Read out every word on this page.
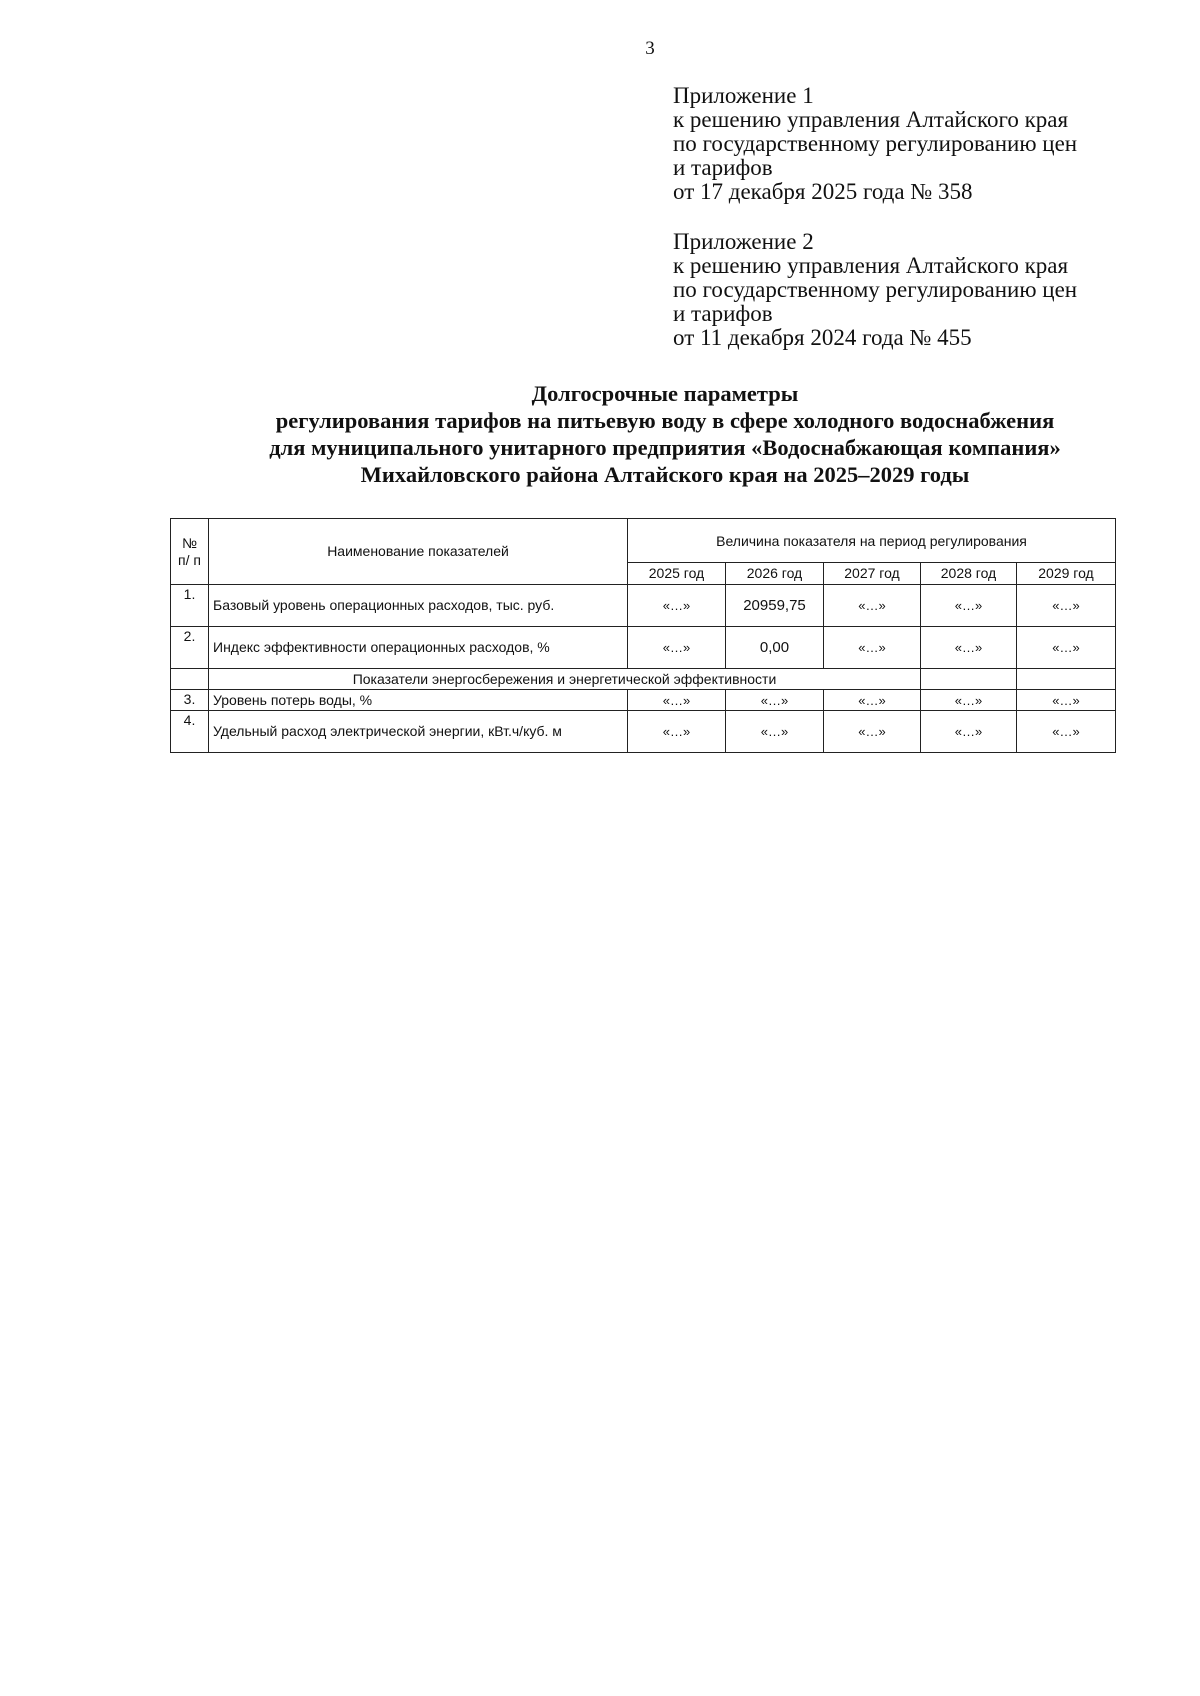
3
Приложение 1
к решению управления Алтайского края
по государственному регулированию цен
и тарифов
от 17 декабря 2025 года № 358
Приложение 2
к решению управления Алтайского края
по государственному регулированию цен
и тарифов
от 11 декабря 2024 года № 455
Долгосрочные параметры
регулирования тарифов на питьевую воду в сфере холодного водоснабжения
для муниципального унитарного предприятия «Водоснабжающая компания»
Михайловского района Алтайского края на 2025–2029 годы
№ п/ п	Наименование показателей	Величина показателя на период регулирования				
		2025 год	2026 год	2027 год	2028 год	2029 год
1.	Базовый уровень операционных расходов, тыс. руб.	«…»	20959,75	«…»	«…»	«…»
2.	Индекс эффективности операционных расходов, %	«…»	0,00	«…»	«…»	«…»
	Показатели энергосбережения и энергетической эффективности					
3.	Уровень потерь воды, %	«…»	«…»	«…»	«…»	«…»
4.	Удельный расход электрической энергии, кВт.ч/куб. м	«…»	«…»	«…»	«…»	«…»
